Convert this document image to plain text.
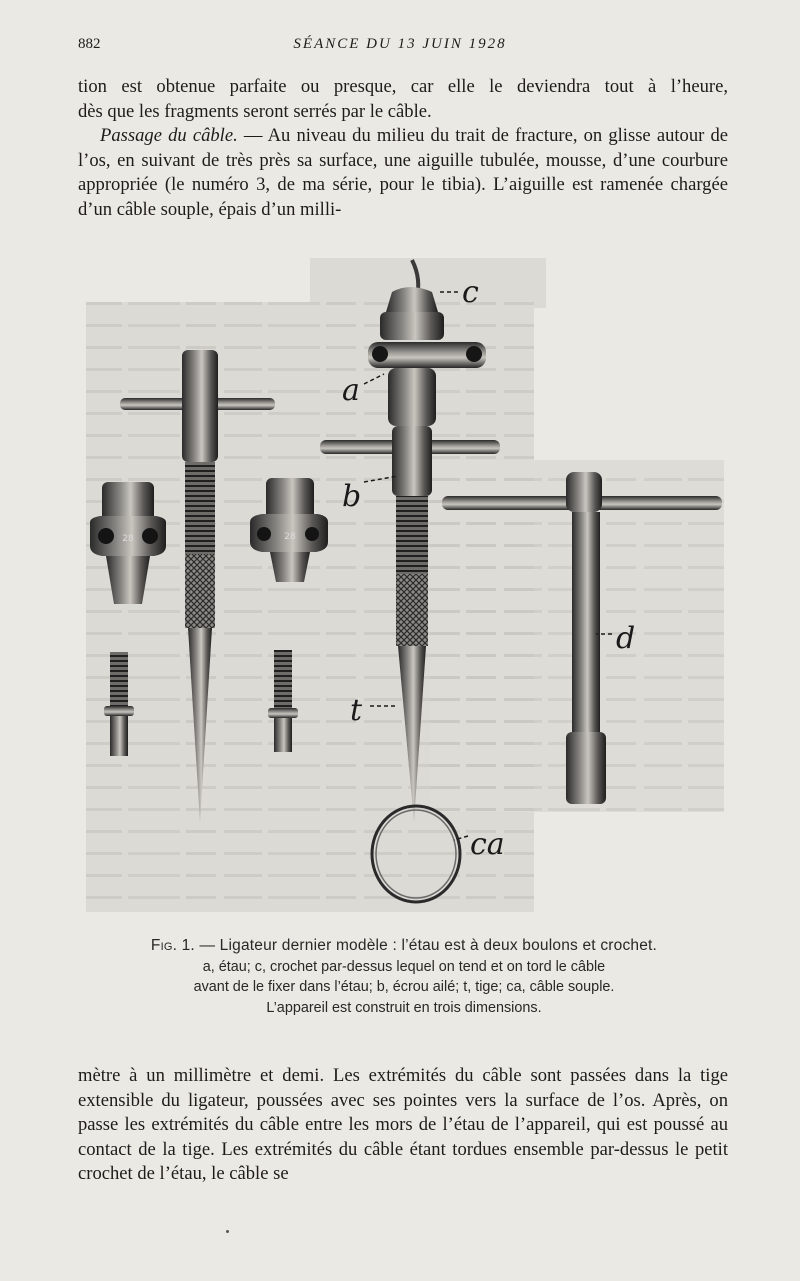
882	SÉANCE DU 13 JUIN 1928

tion est obtenue parfaite ou presque, car elle le deviendra tout à l’heure,

dès que les fragments seront serrés par le câble.

Passage du câble. — Au niveau du milieu du trait de fracture, on glisse autour de l’os, en suivant de très près sa surface, une aiguille tubulée, mousse, d’une courbure appropriée (le numéro 3, de ma série, pour le tibia). L’aiguille est ramenée chargée d’un câble souple, épais d’un milli-

28	28
c
a
b
d
t
ca
Fig. 1. — Ligateur dernier modèle : l’étau est à deux boulons et crochet.
a, étau; c, crochet par-dessus lequel on tend et on tord le câble
avant de le fixer dans l’étau; b, écrou ailé; t, tige; ca, câble souple.
L’appareil est construit en trois dimensions.

mètre à un millimètre et demi. Les extrémités du câble sont passées dans la tige extensible du ligateur, poussées avec ses pointes vers la surface de l’os. Après, on passe les extrémités du câble entre les mors de l’étau de l’appareil, qui est poussé au contact de la tige. Les extrémités du câble étant tordues ensemble par-dessus le petit crochet de l’étau, le câble se
